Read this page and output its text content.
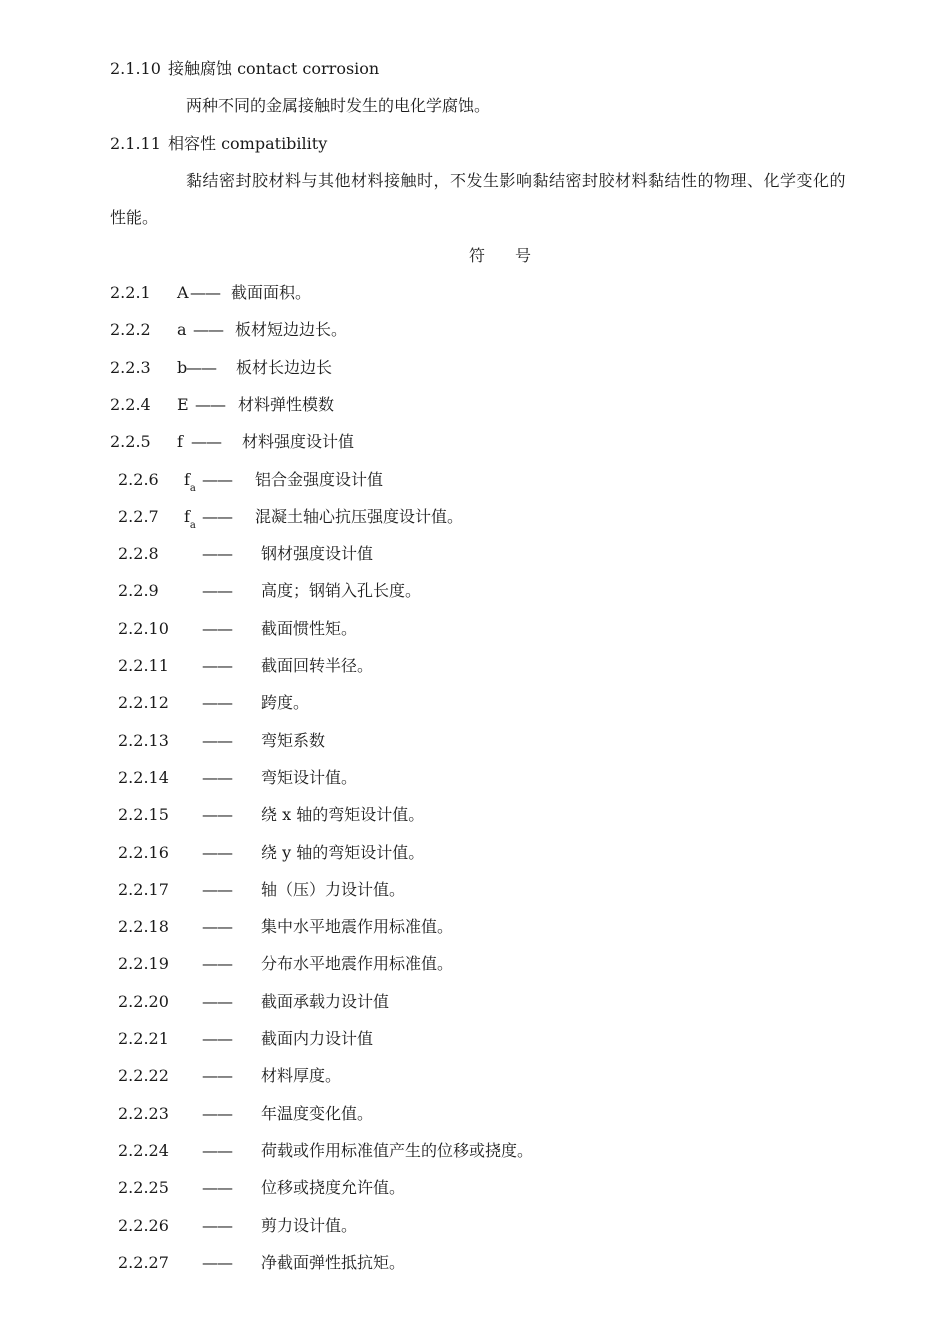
2.1.10 接触腐蚀 contact corrosion
两种不同的金属接触时发生的电化学腐蚀。
2.1.11 相容性 compatibility
黏结密封胶材料与其他材料接触时，不发生影响黏结密封胶材料黏结性的物理、化学变化的
性能。
符号
2.2.1 A —— 截面面积。
2.2.2 a —— 板材短边边长。
2.2.3 b
—— 板材长边边长
2.2.4 E —— 材料弹性模数
2.2.5 f —— 材料强度设计值
2.2.6 $f_a$ —— 铝合金强度设计值
2.2.7 $f_a$ —— 混凝土轴心抗压强度设计值。
2.2.8	—— 钢材强度设计值
2.2.9	—— 高度；钢销入孔长度。
2.2.10 —— 截面惯性矩。
2.2.11 —— 截面回转半径。
2.2.12 —— 跨度。
2.2.13 —— 弯矩系数
2.2.14 —— 弯矩设计值。
2.2.15 —— 绕 x 轴的弯矩设计值。
2.2.16 —— 绕 y 轴的弯矩设计值。
2.2.17 —— 轴（压）力设计值。
2.2.18 —— 集中水平地震作用标准值。
2.2.19 —— 分布水平地震作用标准值。
2.2.20 —— 截面承载力设计值
2.2.21 —— 截面内力设计值
2.2.22 —— 材料厚度。
2.2.23 —— 年温度变化值。
2.2.24 —— 荷载或作用标准值产生的位移或挠度。
2.2.25 —— 位移或挠度允许值。
2.2.26 —— 剪力设计值。
2.2.27 —— 净截面弹性抵抗矩。
